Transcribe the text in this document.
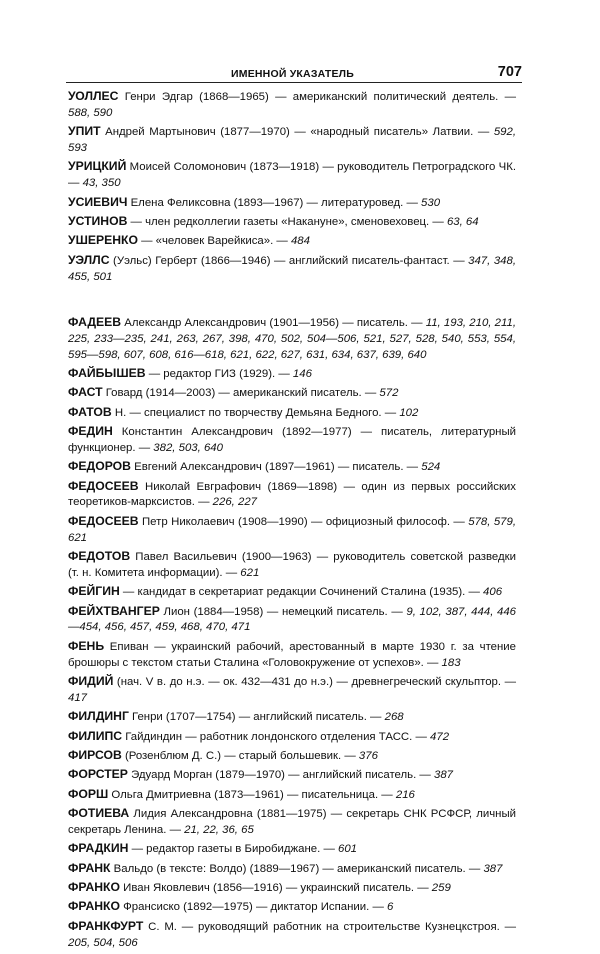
ИМЕННОЙ УКАЗАТЕЛЬ	707

УОЛЛЕС Генри Эдгар (1868—1965) — американский политический деятель. — 588, 590

УПИТ Андрей Мартынович (1877—1970) — «народный писатель» Латвии. — 592, 593

УРИЦКИЙ Моисей Соломонович (1873—1918) — руководитель Петроградского ЧК. — 43, 350

УСИЕВИЧ Елена Феликсовна (1893—1967) — литературовед. — 530

УСТИНОВ — член редколлегии газеты «Накануне», сменовеховец. — 63, 64

УШЕРЕНКО — «человек Варейкиса». — 484

УЭЛЛС (Уэльс) Герберт (1866—1946) — английский писатель-фантаст. — 347, 348, 455, 501

ФАДЕЕВ Александр Александрович (1901—1956) — писатель. — 11, 193, 210, 211, 225, 233—235, 241, 263, 267, 398, 470, 502, 504—506, 521, 527, 528, 540, 553, 554, 595—598, 607, 608, 616—618, 621, 622, 627, 631, 634, 637, 639, 640

ФАЙБЫШЕВ — редактор ГИЗ (1929). — 146

ФАСТ Говард (1914—2003) — американский писатель. — 572

ФАТОВ Н. — специалист по творчеству Демьяна Бедного. — 102

ФЕДИН Константин Александрович (1892—1977) — писатель, литературный функционер. — 382, 503, 640

ФЕДОРОВ Евгений Александрович (1897—1961) — писатель. — 524

ФЕДОСЕЕВ Николай Евграфович (1869—1898) — один из первых российских теоретиков-марксистов. — 226, 227

ФЕДОСЕЕВ Петр Николаевич (1908—1990) — официозный философ. — 578, 579, 621

ФЕДОТОВ Павел Васильевич (1900—1963) — руководитель советской разведки (т. н. Комитета информации). — 621

ФЕЙГИН — кандидат в секретариат редакции Сочинений Сталина (1935). — 406

ФЕЙХТВАНГЕР Лион (1884—1958) — немецкий писатель. — 9, 102, 387, 444, 446—454, 456, 457, 459, 468, 470, 471

ФЕНЬ Епиван — украинский рабочий, арестованный в марте 1930 г. за чтение брошюры с текстом статьи Сталина «Головокружение от успехов». — 183

ФИДИЙ (нач. V в. до н.э. — ок. 432—431 до н.э.) — древнегреческий скульптор. — 417

ФИЛДИНГ Генри (1707—1754) — английский писатель. — 268

ФИЛИПС Гайдиндин — работник лондонского отделения ТАСС. — 472

ФИРСОВ (Розенблюм Д. С.) — старый большевик. — 376

ФОРСТЕР Эдуард Морган (1879—1970) — английский писатель. — 387

ФОРШ Ольга Дмитриевна (1873—1961) — писательница. — 216

ФОТИЕВА Лидия Александровна (1881—1975) — секретарь СНК РСФСР, личный секретарь Ленина. — 21, 22, 36, 65

ФРАДКИН — редактор газеты в Биробиджане. — 601

ФРАНК Вальдо (в тексте: Волдо) (1889—1967) — американский писатель. — 387

ФРАНКО Иван Яковлевич (1856—1916) — украинский писатель. — 259

ФРАНКО Франсиско (1892—1975) — диктатор Испании. — 6

ФРАНКФУРТ С. М. — руководящий работник на строительстве Кузнецкстроя. — 205, 504, 506
